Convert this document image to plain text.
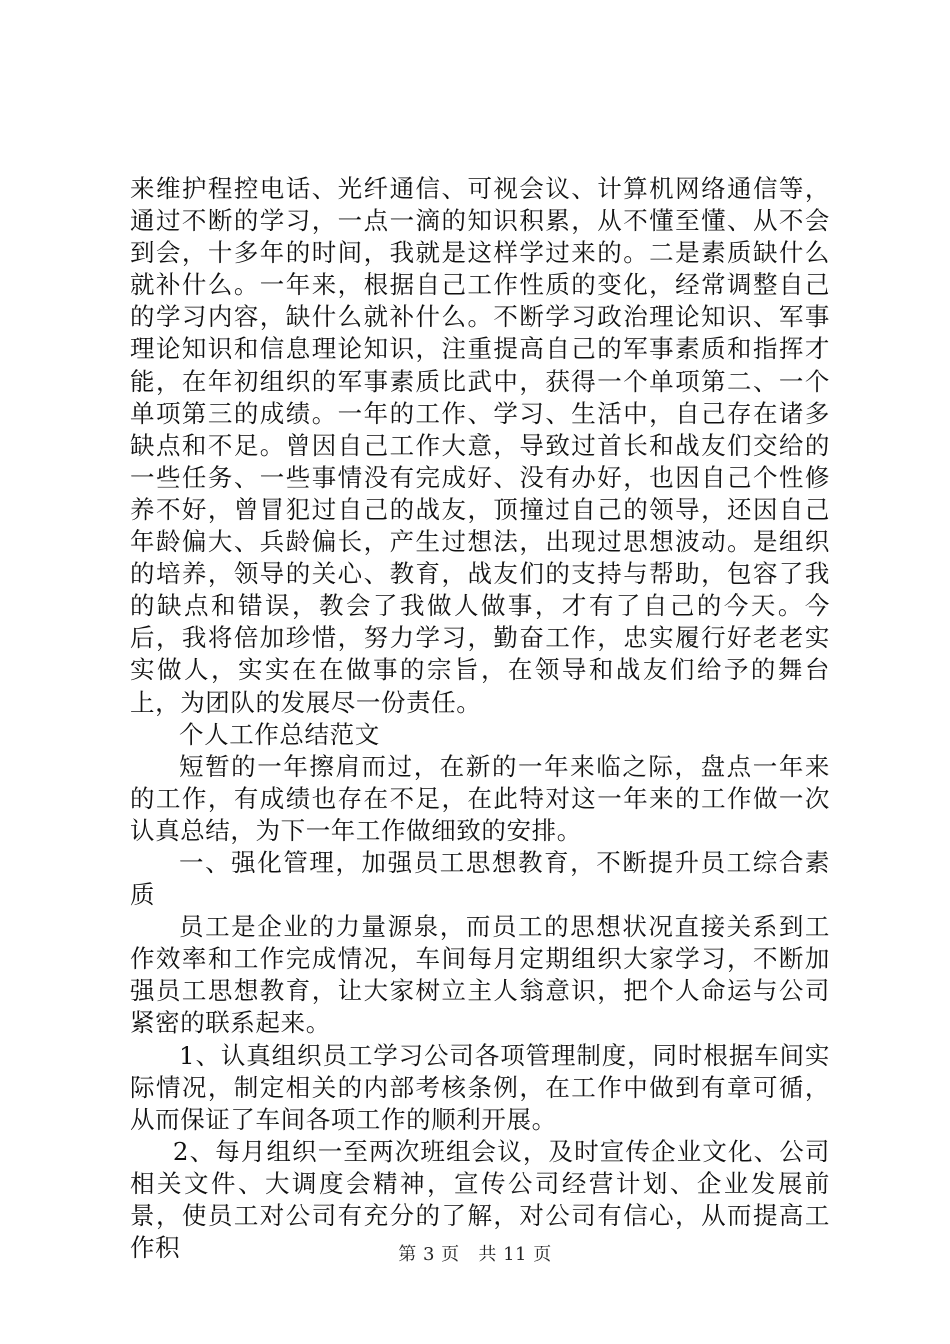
来维护程控电话、光纤通信、可视会议、计算机网络通信等，通过不断的学习，一点一滴的知识积累，从不懂至懂、从不会到会，十多年的时间，我就是这样学过来的。二是素质缺什么就补什么。一年来，根据自己工作性质的变化，经常调整自己的学习内容，缺什么就补什么。不断学习政治理论知识、军事理论知识和信息理论知识，注重提高自己的军事素质和指挥才能，在年初组织的军事素质比武中，获得一个单项第二、一个单项第三的成绩。一年的工作、学习、生活中，自己存在诸多缺点和不足。曾因自己工作大意，导致过首长和战友们交给的一些任务、一些事情没有完成好、没有办好，也因自己个性修养不好，曾冒犯过自己的战友，顶撞过自己的领导，还因自己年龄偏大、兵龄偏长，产生过想法，出现过思想波动。是组织的培养，领导的关心、教育，战友们的支持与帮助，包容了我的缺点和错误，教会了我做人做事，才有了自己的今天。今后，我将倍加珍惜，努力学习，勤奋工作，忠实履行好老老实实做人，实实在在做事的宗旨，在领导和战友们给予的舞台上，为团队的发展尽一份责任。

个人工作总结范文

短暂的一年擦肩而过，在新的一年来临之际，盘点一年来的工作，有成绩也存在不足，在此特对这一年来的工作做一次认真总结，为下一年工作做细致的安排。

一、强化管理，加强员工思想教育，不断提升员工综合素质

员工是企业的力量源泉，而员工的思想状况直接关系到工作效率和工作完成情况，车间每月定期组织大家学习，不断加强员工思想教育，让大家树立主人翁意识，把个人命运与公司紧密的联系起来。

1、认真组织员工学习公司各项管理制度，同时根据车间实际情况，制定相关的内部考核条例，在工作中做到有章可循，从而保证了车间各项工作的顺利开展。

2、每月组织一至两次班组会议，及时宣传企业文化、公司相关文件、大调度会精神，宣传公司经营计划、企业发展前景，使员工对公司有充分的了解，对公司有信心，从而提高工作积	第 3 页 共 11 页
